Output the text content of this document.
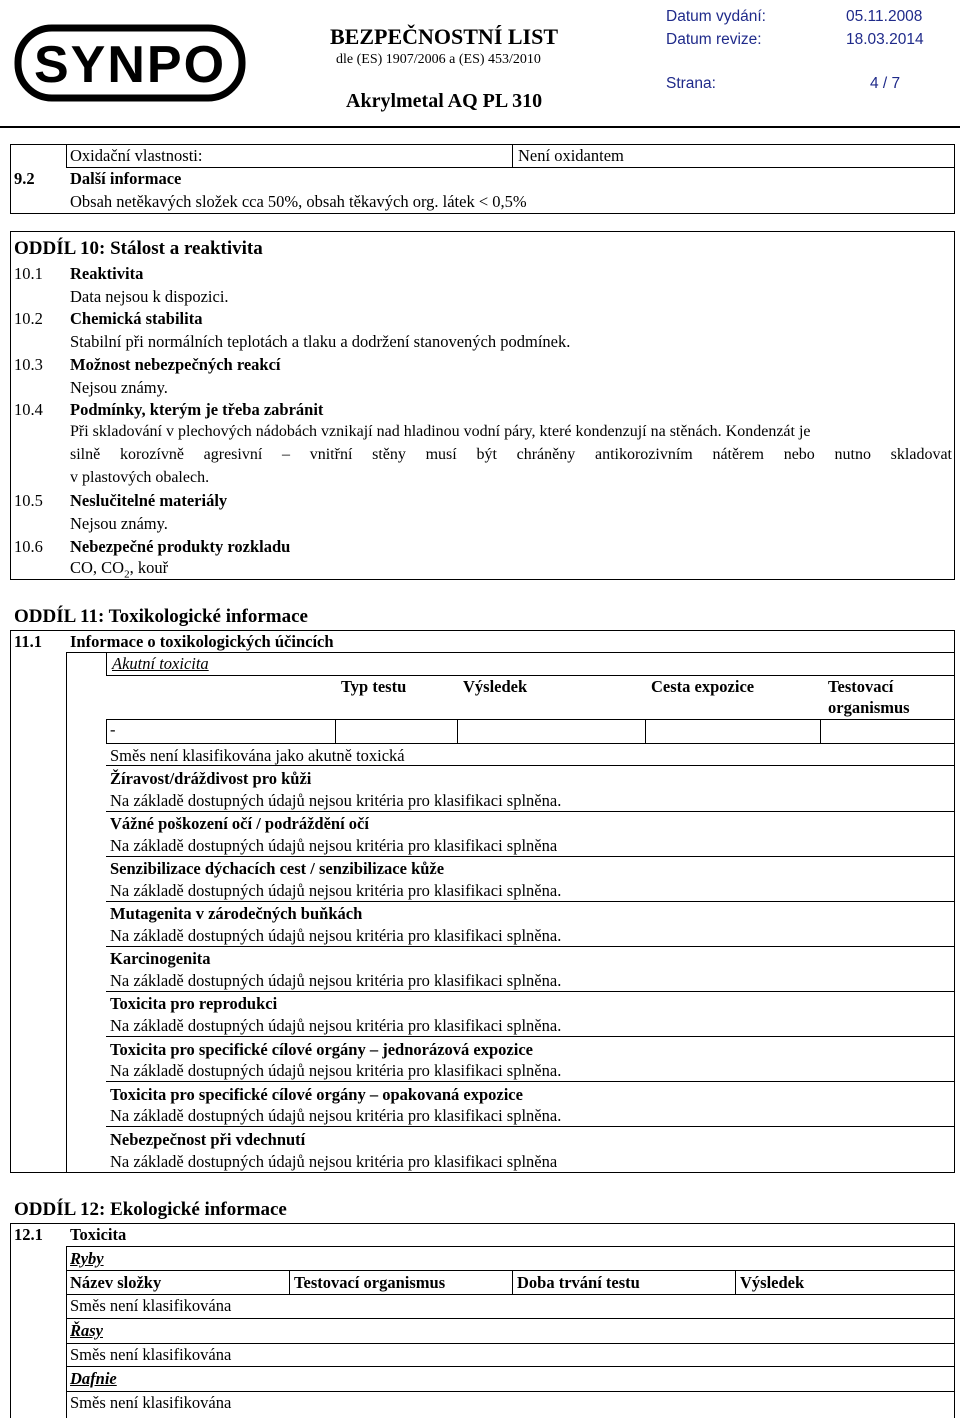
SYNPO	BEZPEČNOSTNÍ LIST
dle (ES) 1907/2006 a (ES) 453/2010
Akrylmetal AQ PL 310
Datum vydání:	05.11.2008
Datum revize:	18.03.2014
Strana:	4 / 7
Oxidační vlastnosti:	Není oxidantem
9.2 Další informace
Obsah netěkavých složek cca 50%, obsah těkavých org. látek < 0,5%
ODDÍL 10: Stálost a reaktivita
10.1 Reaktivita
Data nejsou k dispozici.
10.2 Chemická stabilita
Stabilní při normálních teplotách a tlaku a dodržení stanovených podmínek.
10.3 Možnost nebezpečných reakcí
Nejsou známy.
10.4 Podmínky, kterým je třeba zabránit
Při skladování v plechových nádobách vznikají nad hladinou vodní páry, které kondenzují na stěnách. Kondenzát je
silně korozívně agresivní – vnitřní stěny musí být chráněny antikorozivním nátěrem nebo nutno skladovat
v plastových obalech.
10.5 Neslučitelné materiály
Nejsou známy.
10.6 Nebezpečné produkty rozkladu
CO, $CO_2$, kouř
ODDÍL 11: Toxikologické informace
11.1 Informace o toxikologických účincích
Akutní toxicita
Typ testu	Výsledek	Cesta expozice	Testovací
organismus
-
Směs není klasifikována jako akutně toxická
Žíravost/dráždivost pro kůži
Na základě dostupných údajů nejsou kritéria pro klasifikaci splněna.
Vážné poškození očí / podráždění očí
Na základě dostupných údajů nejsou kritéria pro klasifikaci splněna
Senzibilizace dýchacích cest / senzibilizace kůže
Na základě dostupných údajů nejsou kritéria pro klasifikaci splněna.
Mutagenita v zárodečných buňkách
Na základě dostupných údajů nejsou kritéria pro klasifikaci splněna.
Karcinogenita
Na základě dostupných údajů nejsou kritéria pro klasifikaci splněna.
Toxicita pro reprodukci
Na základě dostupných údajů nejsou kritéria pro klasifikaci splněna.
Toxicita pro specifické cílové orgány – jednorázová expozice
Na základě dostupných údajů nejsou kritéria pro klasifikaci splněna.
Toxicita pro specifické cílové orgány – opakovaná expozice
Na základě dostupných údajů nejsou kritéria pro klasifikaci splněna.
Nebezpečnost při vdechnutí
Na základě dostupných údajů nejsou kritéria pro klasifikaci splněna
ODDÍL 12: Ekologické informace
12.1 Toxicita
Ryby
Název složky	Testovací organismus	Doba trvání testu	Výsledek
Směs není klasifikována
Řasy
Směs není klasifikována
Dafnie
Směs není klasifikována
